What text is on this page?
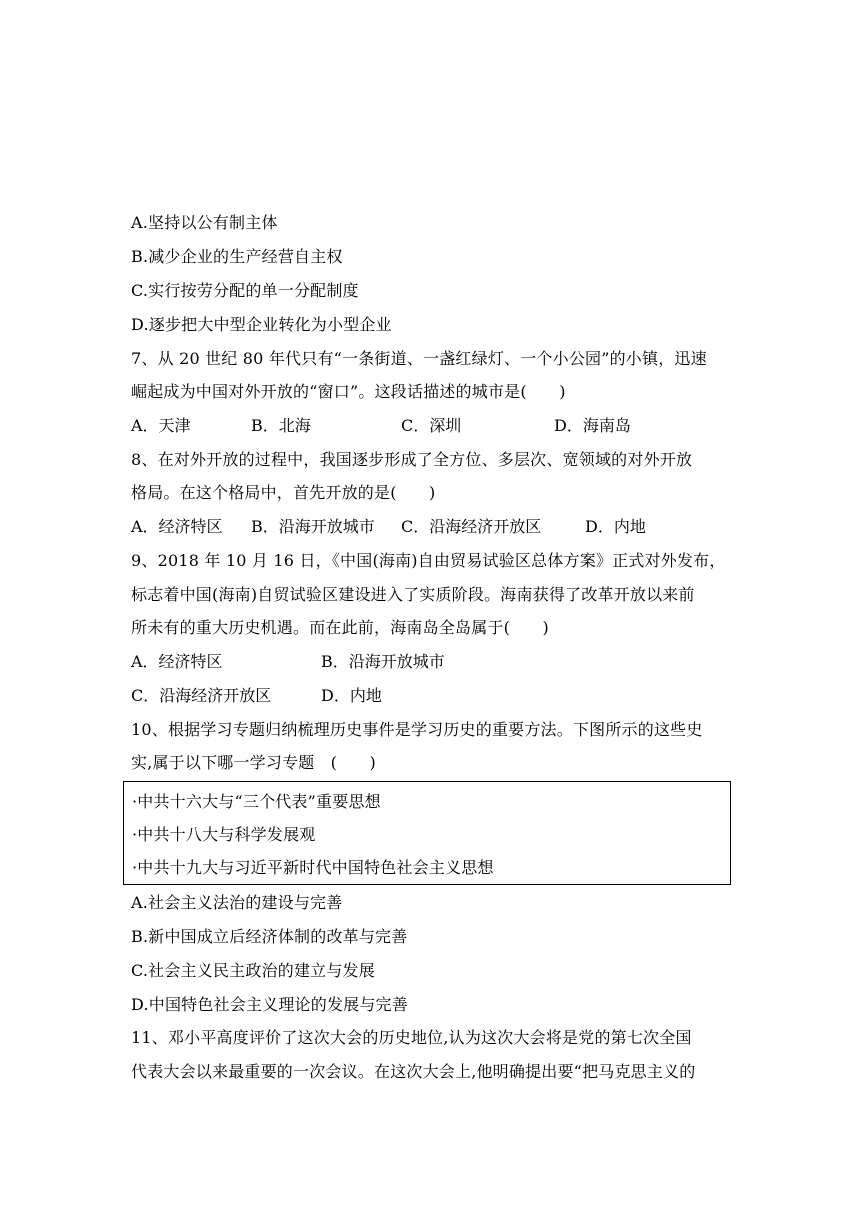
A.坚持以公有制主体
B.减少企业的生产经营自主权
C.实行按劳分配的单一分配制度
D.逐步把大中型企业转化为小型企业
7、从 20 世纪 80 年代只有“一条街道、一盏红绿灯、一个小公园”的小镇，迅速
崛起成为中国对外开放的“窗口”。这段话描述的城市是(　　)
A．天津	B．北海	C．深圳	D．海南岛
8、在对外开放的过程中，我国逐步形成了全方位、多层次、宽领域的对外开放
格局。在这个格局中，首先开放的是(　　)
A．经济特区 B．沿海开放城市 C．沿海经济开放区	D．内地
9、2018 年 10 月 16 日，《中国(海南)自由贸易试验区总体方案》正式对外发布，
标志着中国(海南)自贸试验区建设进入了实质阶段。海南获得了改革开放以来前
所未有的重大历史机遇。而在此前，海南岛全岛属于(　　)
A．经济特区	B．沿海开放城市
C．沿海经济开放区	D．内地
10、根据学习专题归纳梳理历史事件是学习历史的重要方法。下图所示的这些史
实,属于以下哪一学习专题　(　　)
·中共十六大与“三个代表”重要思想
·中共十八大与科学发展观
·中共十九大与习近平新时代中国特色社会主义思想
A.社会主义法治的建设与完善
B.新中国成立后经济体制的改革与完善
C.社会主义民主政治的建立与发展
D.中国特色社会主义理论的发展与完善
11、邓小平高度评价了这次大会的历史地位,认为这次大会将是党的第七次全国
代表大会以来最重要的一次会议。在这次大会上,他明确提出要“把马克思主义的
